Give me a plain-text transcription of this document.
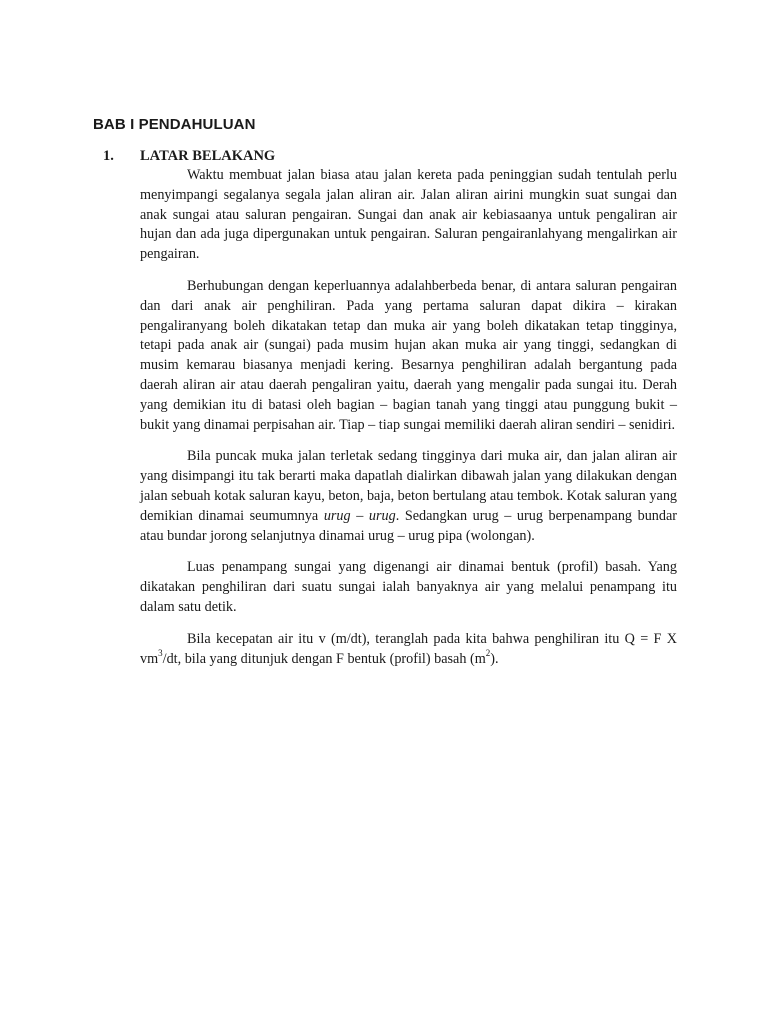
BAB I PENDAHULUAN
1. LATAR BELAKANG

Waktu membuat jalan biasa atau jalan kereta pada peninggian sudah tentulah perlu menyimpangi segalanya segala jalan aliran air. Jalan aliran airini mungkin suat sungai dan anak sungai atau saluran pengairan. Sungai dan anak air kebiasaanya untuk pengaliran air hujan dan ada juga dipergunakan untuk pengairan. Saluran pengairanlahyang mengalirkan air pengairan.

Berhubungan dengan keperluannya adalahberbeda benar, di antara saluran pengairan dan dari anak air penghiliran. Pada yang pertama saluran dapat dikira – kirakan pengaliranyang boleh dikatakan tetap dan muka air yang boleh dikatakan tetap tingginya, tetapi pada anak air (sungai) pada musim hujan akan muka air yang tinggi, sedangkan di musim kemarau biasanya menjadi kering. Besarnya penghiliran adalah bergantung pada daerah aliran air atau daerah pengaliran yaitu, daerah yang mengalir pada sungai itu. Derah yang demikian itu di batasi oleh bagian – bagian tanah yang tinggi atau punggung bukit – bukit yang dinamai perpisahan air. Tiap – tiap sungai memiliki daerah aliran sendiri – senidiri.

Bila puncak muka jalan terletak sedang tingginya dari muka air, dan jalan aliran air yang disimpangi itu tak berarti maka dapatlah dialirkan dibawah jalan yang dilakukan dengan jalan sebuah kotak saluran kayu, beton, baja, beton bertulang atau tembok. Kotak saluran yang demikian dinamai seumumnya urug – urug. Sedangkan urug – urug berpenampang bundar atau bundar jorong selanjutnya dinamai urug – urug pipa (wolongan).

Luas penampang sungai yang digenangi air dinamai bentuk (profil) basah. Yang dikatakan penghiliran dari suatu sungai ialah banyaknya air yang melalui penampang itu dalam satu detik.

Bila kecepatan air itu v (m/dt), teranglah pada kita bahwa penghiliran itu Q = F X $vm^3/dt$, bila yang ditunjuk dengan F bentuk (profil) basah $(m^2)$.
